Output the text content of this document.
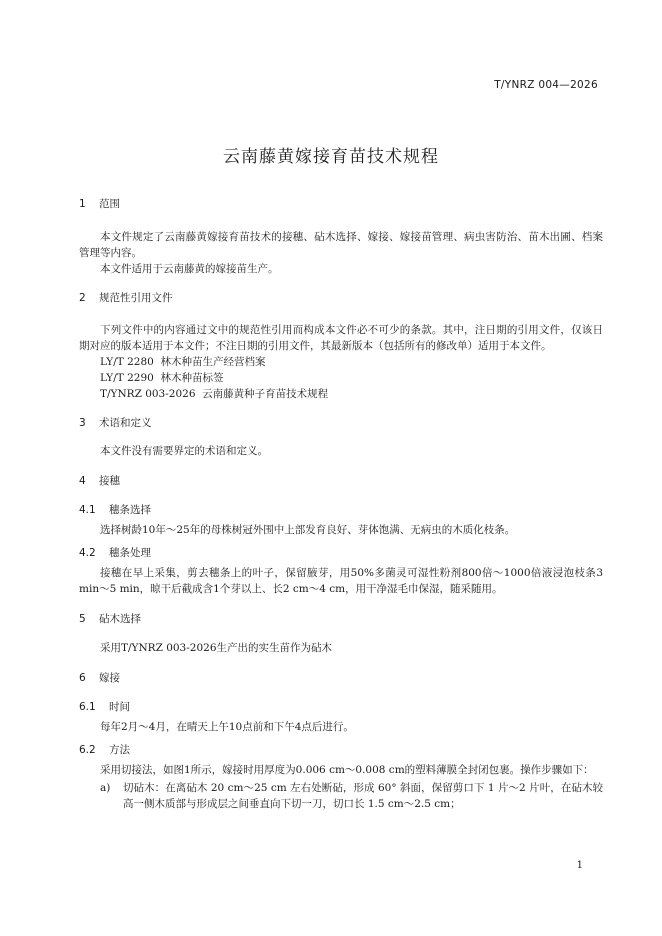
T/YNRZ 004—2026
云南藤黄嫁接育苗技术规程
1	范围

本文件规定了云南藤黄嫁接育苗技术的接穗、砧木选择、嫁接、嫁接苗管理、病虫害防治、苗木出圃、档案管理等内容。

本文件适用于云南藤黄的嫁接苗生产。

2	规范性引用文件

下列文件中的内容通过文中的规范性引用而构成本文件必不可少的条款。其中，注日期的引用文件，仅该日期对应的版本适用于本文件；不注日期的引用文件，其最新版本（包括所有的修改单）适用于本文件。

LY/T 2280  林木种苗生产经营档案

LY/T 2290  林木种苗标签

T/YNRZ 003-2026  云南藤黄种子育苗技术规程

3	术语和定义

本文件没有需要界定的术语和定义。

4	接穗
4.1	穗条选择

选择树龄10年～25年的母株树冠外围中上部发育良好、芽体饱满、无病虫的木质化枝条。

4.2	穗条处理

接穗在早上采集，剪去穗条上的叶子，保留腋芽，用50%多菌灵可湿性粉剂800倍～1000倍液浸泡枝条3 min～5 min，晾干后截成含1个芽以上、长2 cm～4 cm，用干净湿毛巾保湿，随采随用。

5	砧木选择

采用T/YNRZ 003-2026生产出的实生苗作为砧木

6	嫁接
6.1	时间

每年2月～4月，在晴天上午10点前和下午4点后进行。

6.2	方法

采用切接法，如图1所示，嫁接时用厚度为0.006 cm～0.008 cm的塑料薄膜全封闭包裹。操作步骤如下：

a)	切砧木：在离砧木 20 cm～25 cm 左右处断砧，形成 60° 斜面，保留剪口下 1 片～2 片叶，在砧木较高一侧木质部与形成层之间垂直向下切一刀，切口长 1.5 cm～2.5 cm；
1
